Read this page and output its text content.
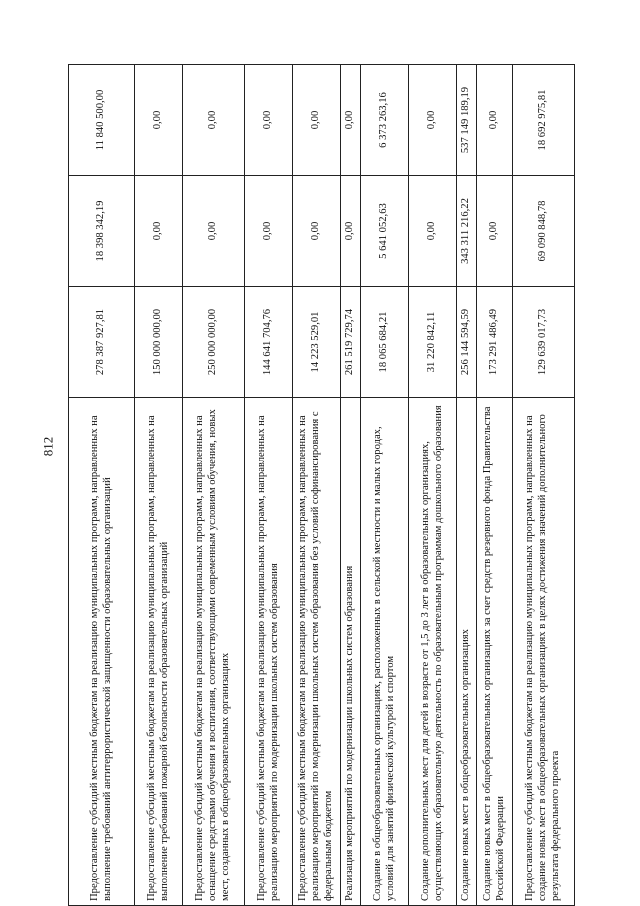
812	Предоставление субсидий местным бюджетам на реализацию муниципальных программ, направленных на выполнение требований антитеррористической защищенности образовательных организаций	278 387 927,81	18 398 342,19	11 840 500,00
Предоставление субсидий местным бюджетам на реализацию муниципальных программ, направленных на выполнение требований пожарной безопасности образовательных организаций	150 000 000,00	0,00	0,00
Предоставление субсидий местным бюджетам на реализацию муниципальных программ, направленных на оснащение средствами обучения и воспитания, соответствующими современным условиям обучения, новых мест, созданных в общеобразовательных организациях	250 000 000,00	0,00	0,00
Предоставление субсидий местным бюджетам на реализацию муниципальных программ, направленных на реализацию мероприятий по модернизации школьных систем образования	144 641 704,76	0,00	0,00
Предоставление субсидий местным бюджетам на реализацию муниципальных программ, направленных на реализацию мероприятий по модернизации школьных систем образования без условий софинансирования с федеральным бюджетом	14 223 529,01	0,00	0,00
Реализация мероприятий по модернизации школьных систем образования	261 519 729,74	0,00	0,00
Создание в общеобразовательных организациях, расположенных в сельской местности и малых городах, условий для занятий физической культурой и спортом	18 065 684,21	5 641 052,63	6 373 263,16
Создание дополнительных мест для детей в возрасте от 1,5 до 3 лет в образовательных организациях, осуществляющих образовательную деятельность по образовательным программам дошкольного образования	31 220 842,11	0,00	0,00
Создание новых мест в общеобразовательных организациях	256 144 594,59	343 311 216,22	537 149 189,19
Создание новых мест в общеобразовательных организациях за счет средств резервного фонда Правительства Российской Федерации	173 291 486,49	0,00	0,00
Предоставление субсидий местным бюджетам на реализацию муниципальных программ, направленных на создание новых мест в общеобразовательных организациях в целях достижения значений дополнительного результата федерального проекта	129 639 017,73	69 090 848,78	18 692 975,81
